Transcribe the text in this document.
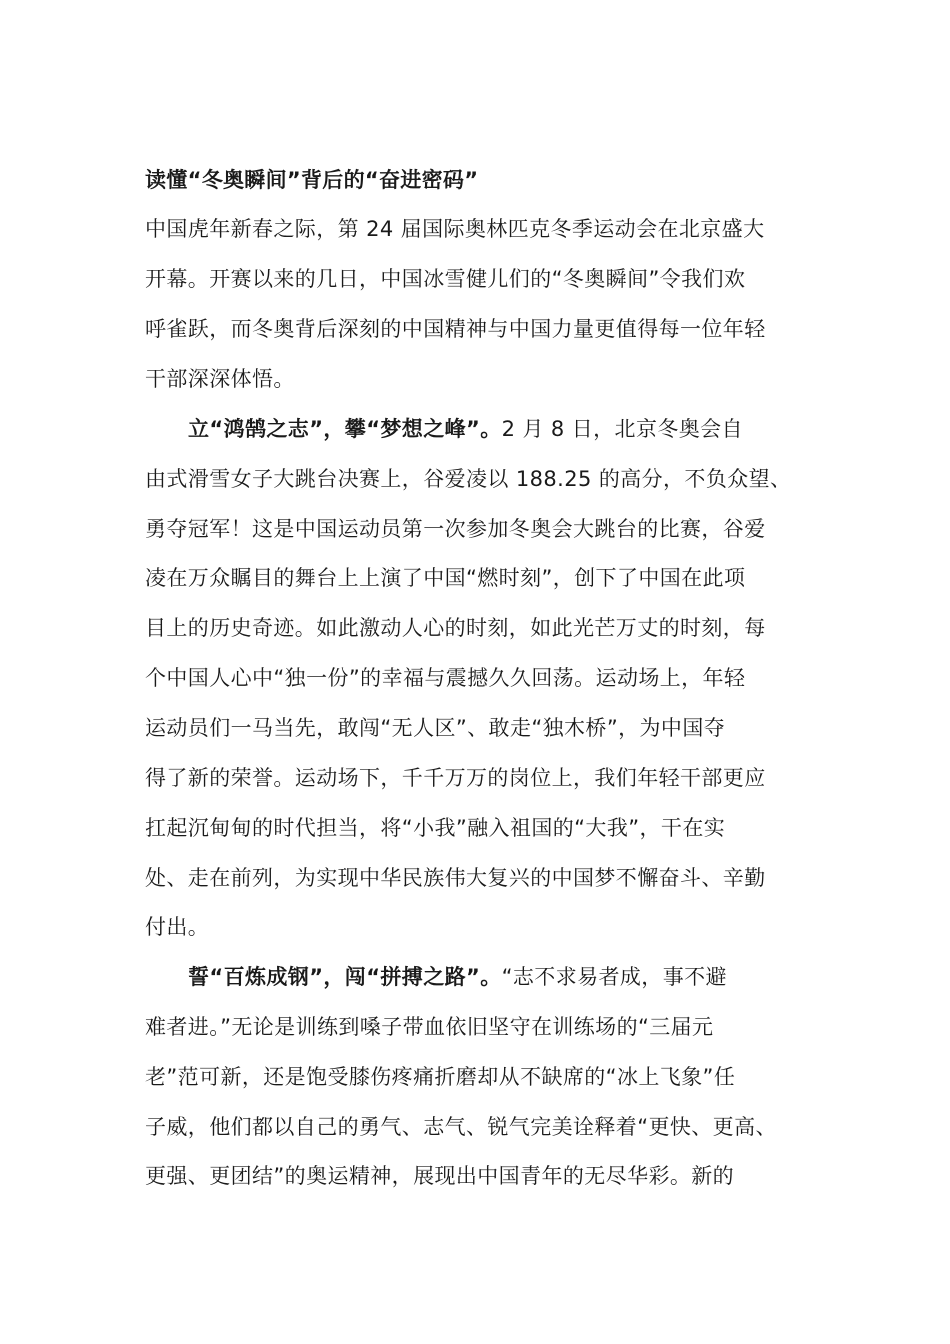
读懂“冬奥瞬间”背后的“奋进密码”
中国虎年新春之际，第 24 届国际奥林匹克冬季运动会在北京盛大
开幕。开赛以来的几日，中国冰雪健儿们的“冬奥瞬间”令我们欢
呼雀跃，而冬奥背后深刻的中国精神与中国力量更值得每一位年轻
干部深深体悟。
立“鸿鹄之志”，攀“梦想之峰”。2 月 8 日，北京冬奥会自
由式滑雪女子大跳台决赛上，谷爱凌以 188.25 的高分，不负众望、
勇夺冠军！这是中国运动员第一次参加冬奥会大跳台的比赛，谷爱
凌在万众瞩目的舞台上上演了中国“燃时刻”，创下了中国在此项
目上的历史奇迹。如此激动人心的时刻，如此光芒万丈的时刻，每
个中国人心中“独一份”的幸福与震撼久久回荡。运动场上，年轻
运动员们一马当先，敢闯“无人区”、敢走“独木桥”，为中国夺
得了新的荣誉。运动场下，千千万万的岗位上，我们年轻干部更应
扛起沉甸甸的时代担当，将“小我”融入祖国的“大我”，干在实
处、走在前列，为实现中华民族伟大复兴的中国梦不懈奋斗、辛勤
付出。
誓“百炼成钢”，闯“拼搏之路”。“志不求易者成，事不避
难者进。”无论是训练到嗓子带血依旧坚守在训练场的“三届元
老”范可新，还是饱受膝伤疼痛折磨却从不缺席的“冰上飞象”任
子威，他们都以自己的勇气、志气、锐气完美诠释着“更快、更高、
更强、更团结”的奥运精神，展现出中国青年的无尽华彩。新的
